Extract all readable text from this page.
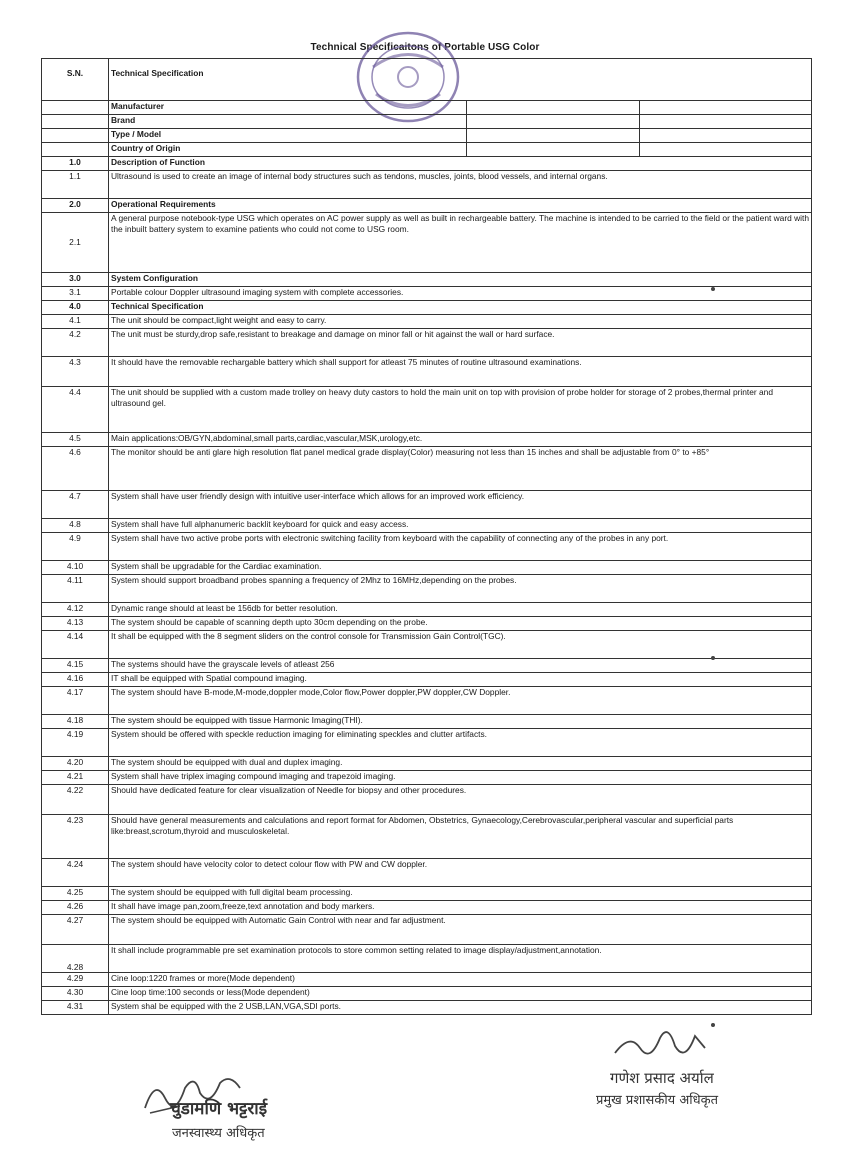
Technical Specificaitons of Portable USG Color
S.N.	Technical Specification		
	Manufacturer		
	Brand		
	Type / Model		
	Country of Origin		
1.0	Description of Function		
1.1	Ultrasound is used to create an image of internal body structures such as tendons, muscles, joints, blood vessels, and internal organs.		
2.0	Operational Requirements		
2.1	A general purpose notebook-type USG which operates on AC power supply as well as built in rechargeable battery. The machine is intended to be carried to the field or the patient ward with the inbuilt battery system to examine patients who could not come to USG room.		
3.0	System Configuration		
3.1	Portable colour Doppler ultrasound imaging system with complete accessories.		
4.0	Technical Specification		
4.1	The unit should be compact,light weight and easy to carry.		
4.2	The unit must be sturdy,drop safe,resistant to breakage and damage on minor fall or hit against the wall or hard surface.		
4.3	It should have the removable rechargable battery which shall support for atleast 75 minutes of routine ultrasound examinations.		
4.4	The unit should be supplied with a custom made trolley on heavy duty castors to hold the main unit on top with provision of probe holder for storage of 2 probes,thermal printer and ultrasound gel.		
4.5	Main applications:OB/GYN,abdominal,small parts,cardiac,vascular,MSK,urology,etc.		
4.6	The monitor should be anti glare high resolution flat panel medical grade display(Color) measuring not less than 15 inches and shall be adjustable from 0° to +85°		
4.7	System shall have user friendly design with intuitive user-interface which allows for an improved work efficiency.		
4.8	System shall have full alphanumeric backlit keyboard for quick and easy access.		
4.9	System shall have two active probe ports with electronic switching facility from keyboard with the capability of connecting any of the probes in any port.		
4.10	System shall be upgradable for the Cardiac examination.		
4.11	System should support broadband probes spanning a frequency of 2Mhz to 16MHz,depending on the probes.		
4.12	Dynamic range should at least be 156db for better resolution.		
4.13	The system should be capable of scanning depth upto 30cm depending on the probe.		
4.14	It shall be equipped with the 8 segment sliders on the control console for Transmission Gain Control(TGC).		
4.15	The systems should have the grayscale levels of atleast 256		
4.16	IT shall be equipped with Spatial compound imaging.		
4.17	The system should have B-mode,M-mode,doppler mode,Color flow,Power doppler,PW doppler,CW Doppler.		
4.18	The system should be equipped with tissue Harmonic Imaging(THI).		
4.19	System should be offered with speckle reduction imaging for eliminating speckles and clutter artifacts.		
4.20	The system should be equipped with dual and duplex imaging.		
4.21	System shall have triplex imaging compound imaging and trapezoid imaging.		
4.22	Should have dedicated feature for clear visualization of Needle for biopsy and other procedures.		
4.23	Should have general measurements and calculations and report format for Abdomen, Obstetrics, Gynaecology,Cerebrovascular,peripheral vascular and superficial parts like:breast,scrotum,thyroid and musculoskeletal.		
4.24	The system should have velocity color to detect colour flow with PW and CW doppler.		
4.25	The system should be equipped with full digital beam processing.		
4.26	It shall have image pan,zoom,freeze,text annotation and body markers.		
4.27	The system should be equipped with Automatic Gain Control with near and far adjustment.		
4.28	It shall include programmable pre set examination protocols to store common setting related to image display/adjustment,annotation.		
4.29	Cine loop:1220 frames or more(Mode dependent)		
4.30	Cine loop time:100 seconds or less(Mode dependent)		
4.31	System shal be equipped with the 2 USB,LAN,VGA,SDI ports.		
चुडामणि भट्टराई
जनस्वास्थ्य अधिकृत
गणेश प्रसाद अर्याल
प्रमुख प्रशासकीय अधिकृत
